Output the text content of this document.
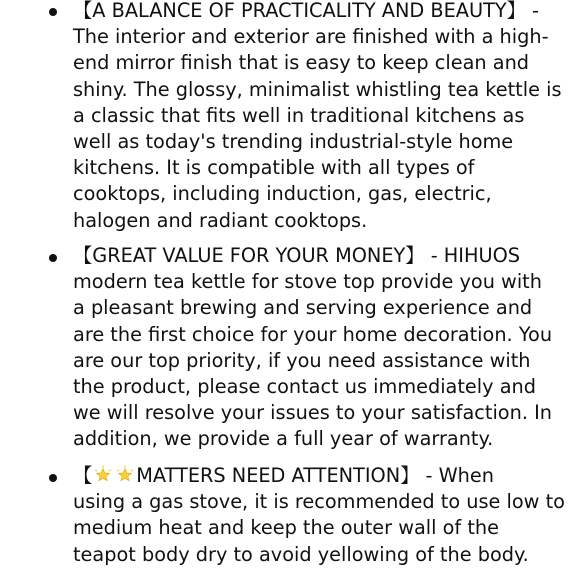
【A BALANCE OF PRACTICALITY AND BEAUTY】 -
The interior and exterior are finished with a high-
end mirror finish that is easy to keep clean and
shiny. The glossy, minimalist whistling tea kettle is
a classic that fits well in traditional kitchens as
well as today's trending industrial-style home
kitchens. It is compatible with all types of
cooktops, including induction, gas, electric,
halogen and radiant cooktops.
【GREAT VALUE FOR YOUR MONEY】 - HIHUOS
modern tea kettle for stove top provide you with
a pleasant brewing and serving experience and
are the first choice for your home decoration. You
are our top priority, if you need assistance with
the product, please contact us immediately and
we will resolve your issues to your satisfaction. In
addition, we provide a full year of warranty.
【 MATTERS NEED ATTENTION】 - When
using a gas stove, it is recommended to use low to
medium heat and keep the outer wall of the
teapot body dry to avoid yellowing of the body.
